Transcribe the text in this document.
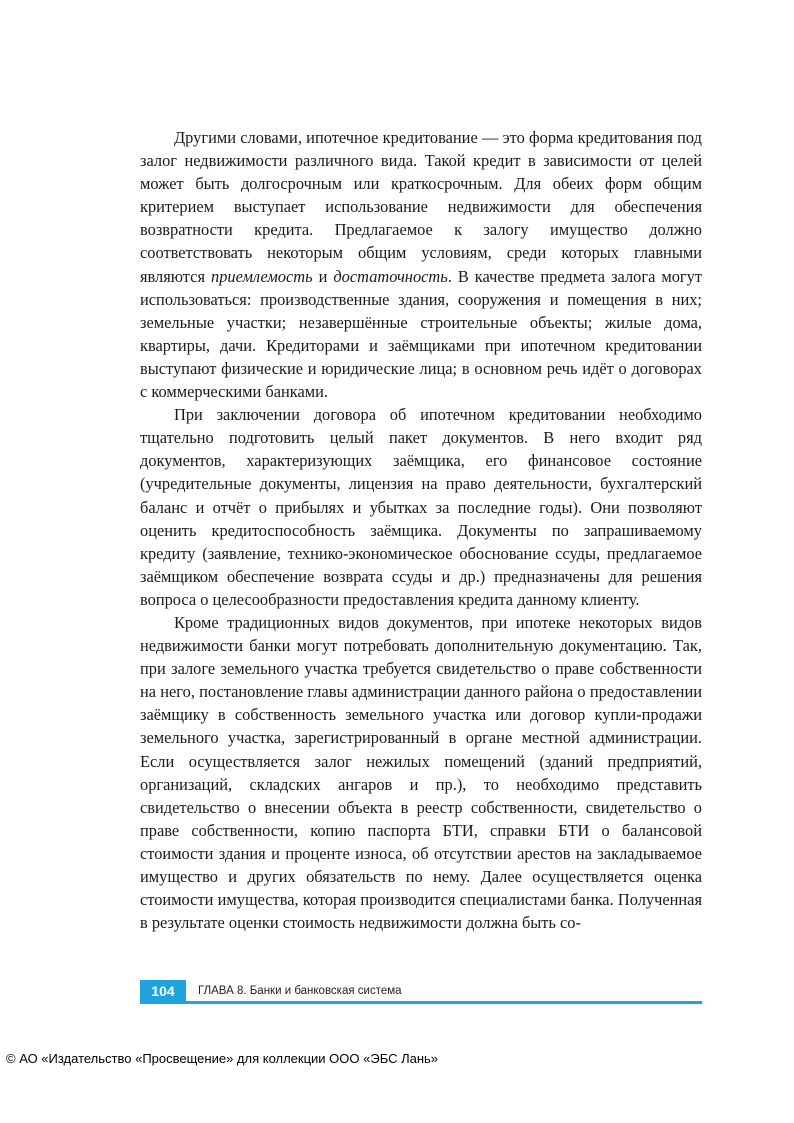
Другими словами, ипотечное кредитование — это форма кредитования под залог недвижимости различного вида. Такой кредит в зависимости от целей может быть долгосрочным или краткосрочным. Для обеих форм общим критерием выступает использование недвижимости для обеспечения возвратности кредита. Предлагаемое к залогу имущество должно соответствовать некоторым общим условиям, среди которых главными являются приемлемость и достаточность. В качестве предмета залога могут использоваться: производственные здания, сооружения и помещения в них; земельные участки; незавершённые строительные объекты; жилые дома, квартиры, дачи. Кредиторами и заёмщиками при ипотечном кредитовании выступают физические и юридические лица; в основном речь идёт о договорах с коммерческими банками.

При заключении договора об ипотечном кредитовании необходимо тщательно подготовить целый пакет документов. В него входит ряд документов, характеризующих заёмщика, его финансовое состояние (учредительные документы, лицензия на право деятельности, бухгалтерский баланс и отчёт о прибылях и убытках за последние годы). Они позволяют оценить кредитоспособность заёмщика. Документы по запрашиваемому кредиту (заявление, технико-экономическое обоснование ссуды, предлагаемое заёмщиком обеспечение возврата ссуды и др.) предназначены для решения вопроса о целесообразности предоставления кредита данному клиенту.

Кроме традиционных видов документов, при ипотеке некоторых видов недвижимости банки могут потребовать дополнительную документацию. Так, при залоге земельного участка требуется свидетельство о праве собственности на него, постановление главы администрации данного района о предоставлении заёмщику в собственность земельного участка или договор купли-продажи земельного участка, зарегистрированный в органе местной администрации. Если осуществляется залог нежилых помещений (зданий предприятий, организаций, складских ангаров и пр.), то необходимо представить свидетельство о внесении объекта в реестр собственности, свидетельство о праве собственности, копию паспорта БТИ, справки БТИ о балансовой стоимости здания и проценте износа, об отсутствии арестов на закладываемое имущество и других обязательств по нему. Далее осуществляется оценка стоимости имущества, которая производится специалистами банка. Полученная в результате оценки стоимость недвижимости должна быть со-

104	ГЛАВА 8. Банки и банковская система
© АО «Издательство «Просвещение» для коллекции ООО «ЭБС Лань»
